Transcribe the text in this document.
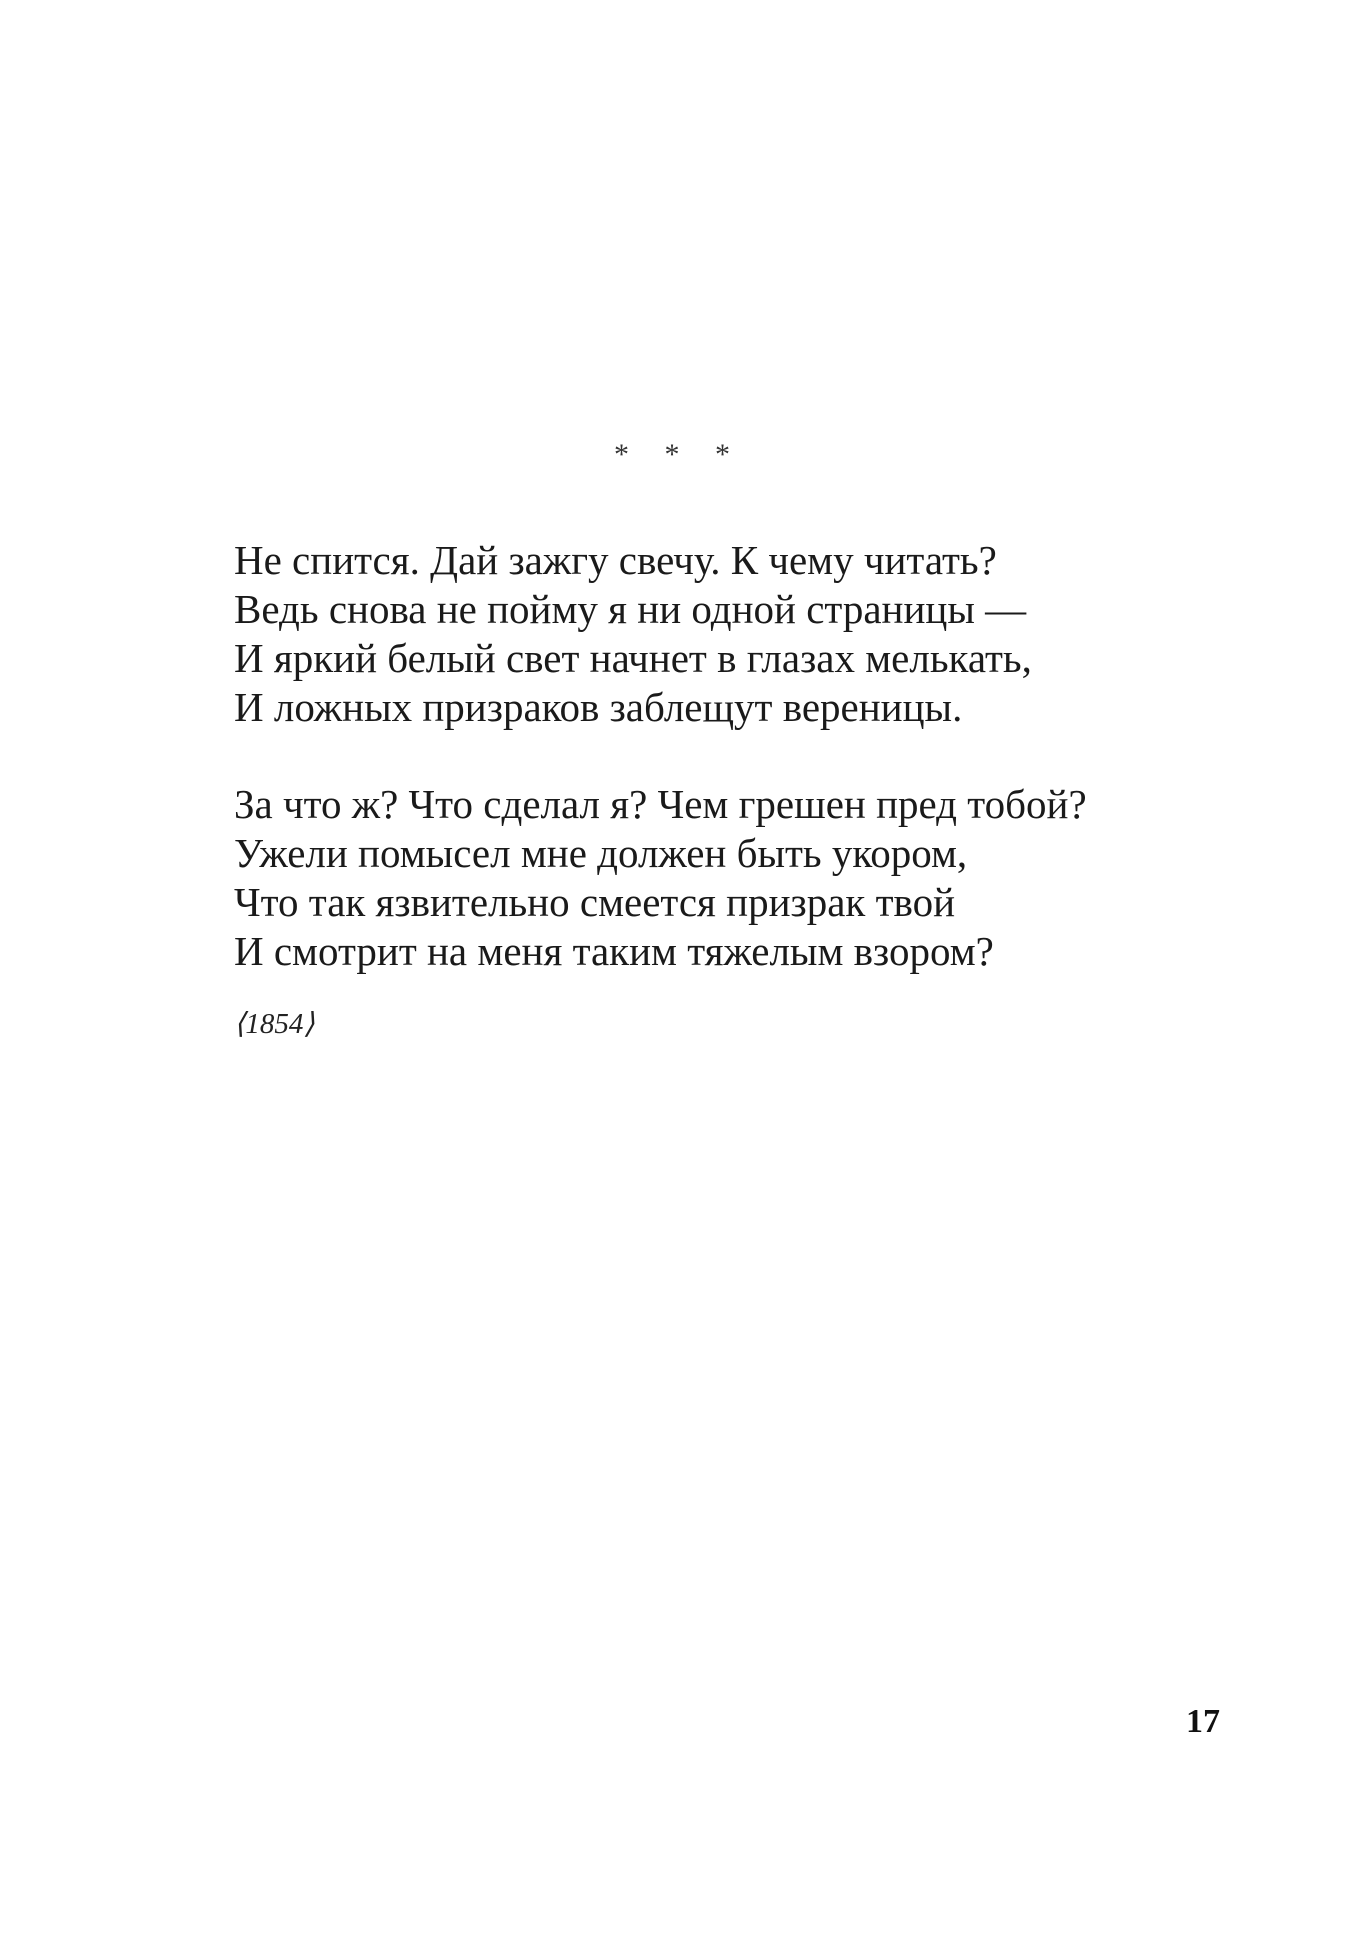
* * *

Не спится. Дай зажгу свечу. К чему читать?
Ведь снова не пойму я ни одной страницы —
И яркий белый свет начнет в глазах мелькать,
И ложных призраков заблещут вереницы.

За что ж? Что сделал я? Чем грешен пред тобой?
Ужели помысел мне должен быть укором,
Что так язвительно смеется призрак твой
И смотрит на меня таким тяжелым взором?

⟨1854⟩
17
